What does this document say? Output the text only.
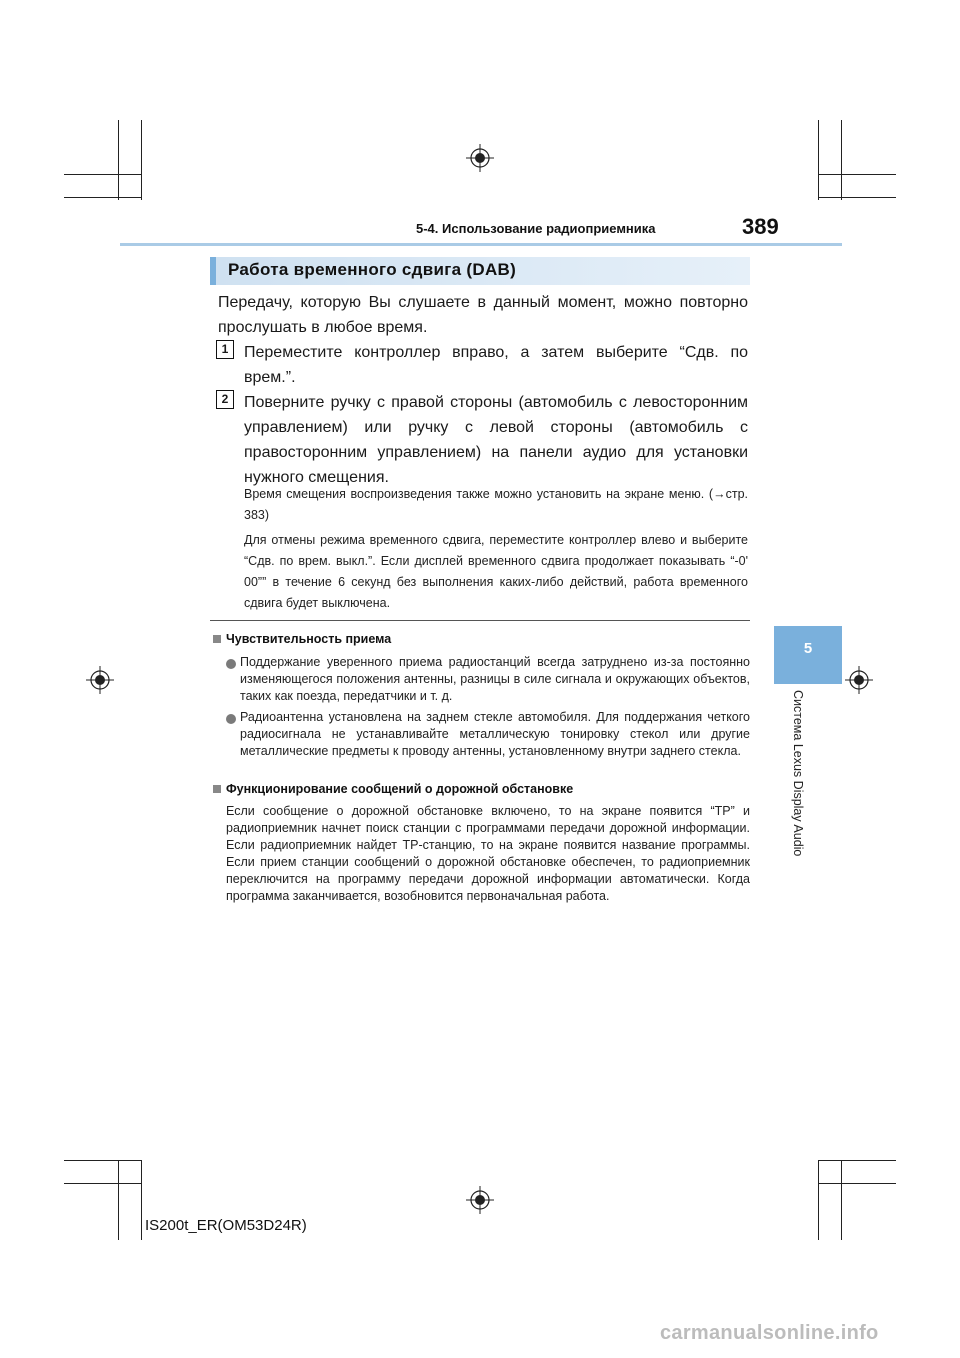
5-4. Использование радиоприемника	389
5
Система Lexus Display Audio
Работа временного сдвига (DAB)
Передачу, которую Вы слушаете в данный момент, можно повторно прослушать в любое время.
1 Переместите контроллер вправо, а затем выберите “Сдв. по врем.”.
2 Поверните ручку с правой стороны (автомобиль с левосторонним управлением) или ручку с левой стороны (автомобиль с правосторонним управлением) на панели аудио для установки нужного смещения.
Время смещения воспроизведения также можно установить на экране меню. (→стр. 383)
Для отмены режима временного сдвига, переместите контроллер влево и выберите “Сдв. по врем. выкл.”. Если дисплей временного сдвига продолжает показывать “-0' 00”” в течение 6 секунд без выполнения каких-либо действий, работа временного сдвига будет выключена.
Чувствительность приема
Поддержание уверенного приема радиостанций всегда затруднено из-за постоянно изменяющегося положения антенны, разницы в силе сигнала и окружающих объектов, таких как поезда, передатчики и т. д.
Радиоантенна установлена на заднем стекле автомобиля. Для поддержания четкого радиосигнала не устанавливайте металлическую тонировку стекол или другие металлические предметы к проводу антенны, установленному внутри заднего стекла.
Функционирование сообщений о дорожной обстановке
Если сообщение о дорожной обстановке включено, то на экране появится “TP” и радиоприемник начнет поиск станции с программами передачи дорожной информации. Если радиоприемник найдет TP-станцию, то на экране появится название программы. Если прием станции сообщений о дорожной обстановке обеспечен, то радиоприемник переключится на программу передачи дорожной информации автоматически. Когда программа заканчивается, возобновится первоначальная работа.
IS200t_ER(OM53D24R)
carmanualsonline.info
